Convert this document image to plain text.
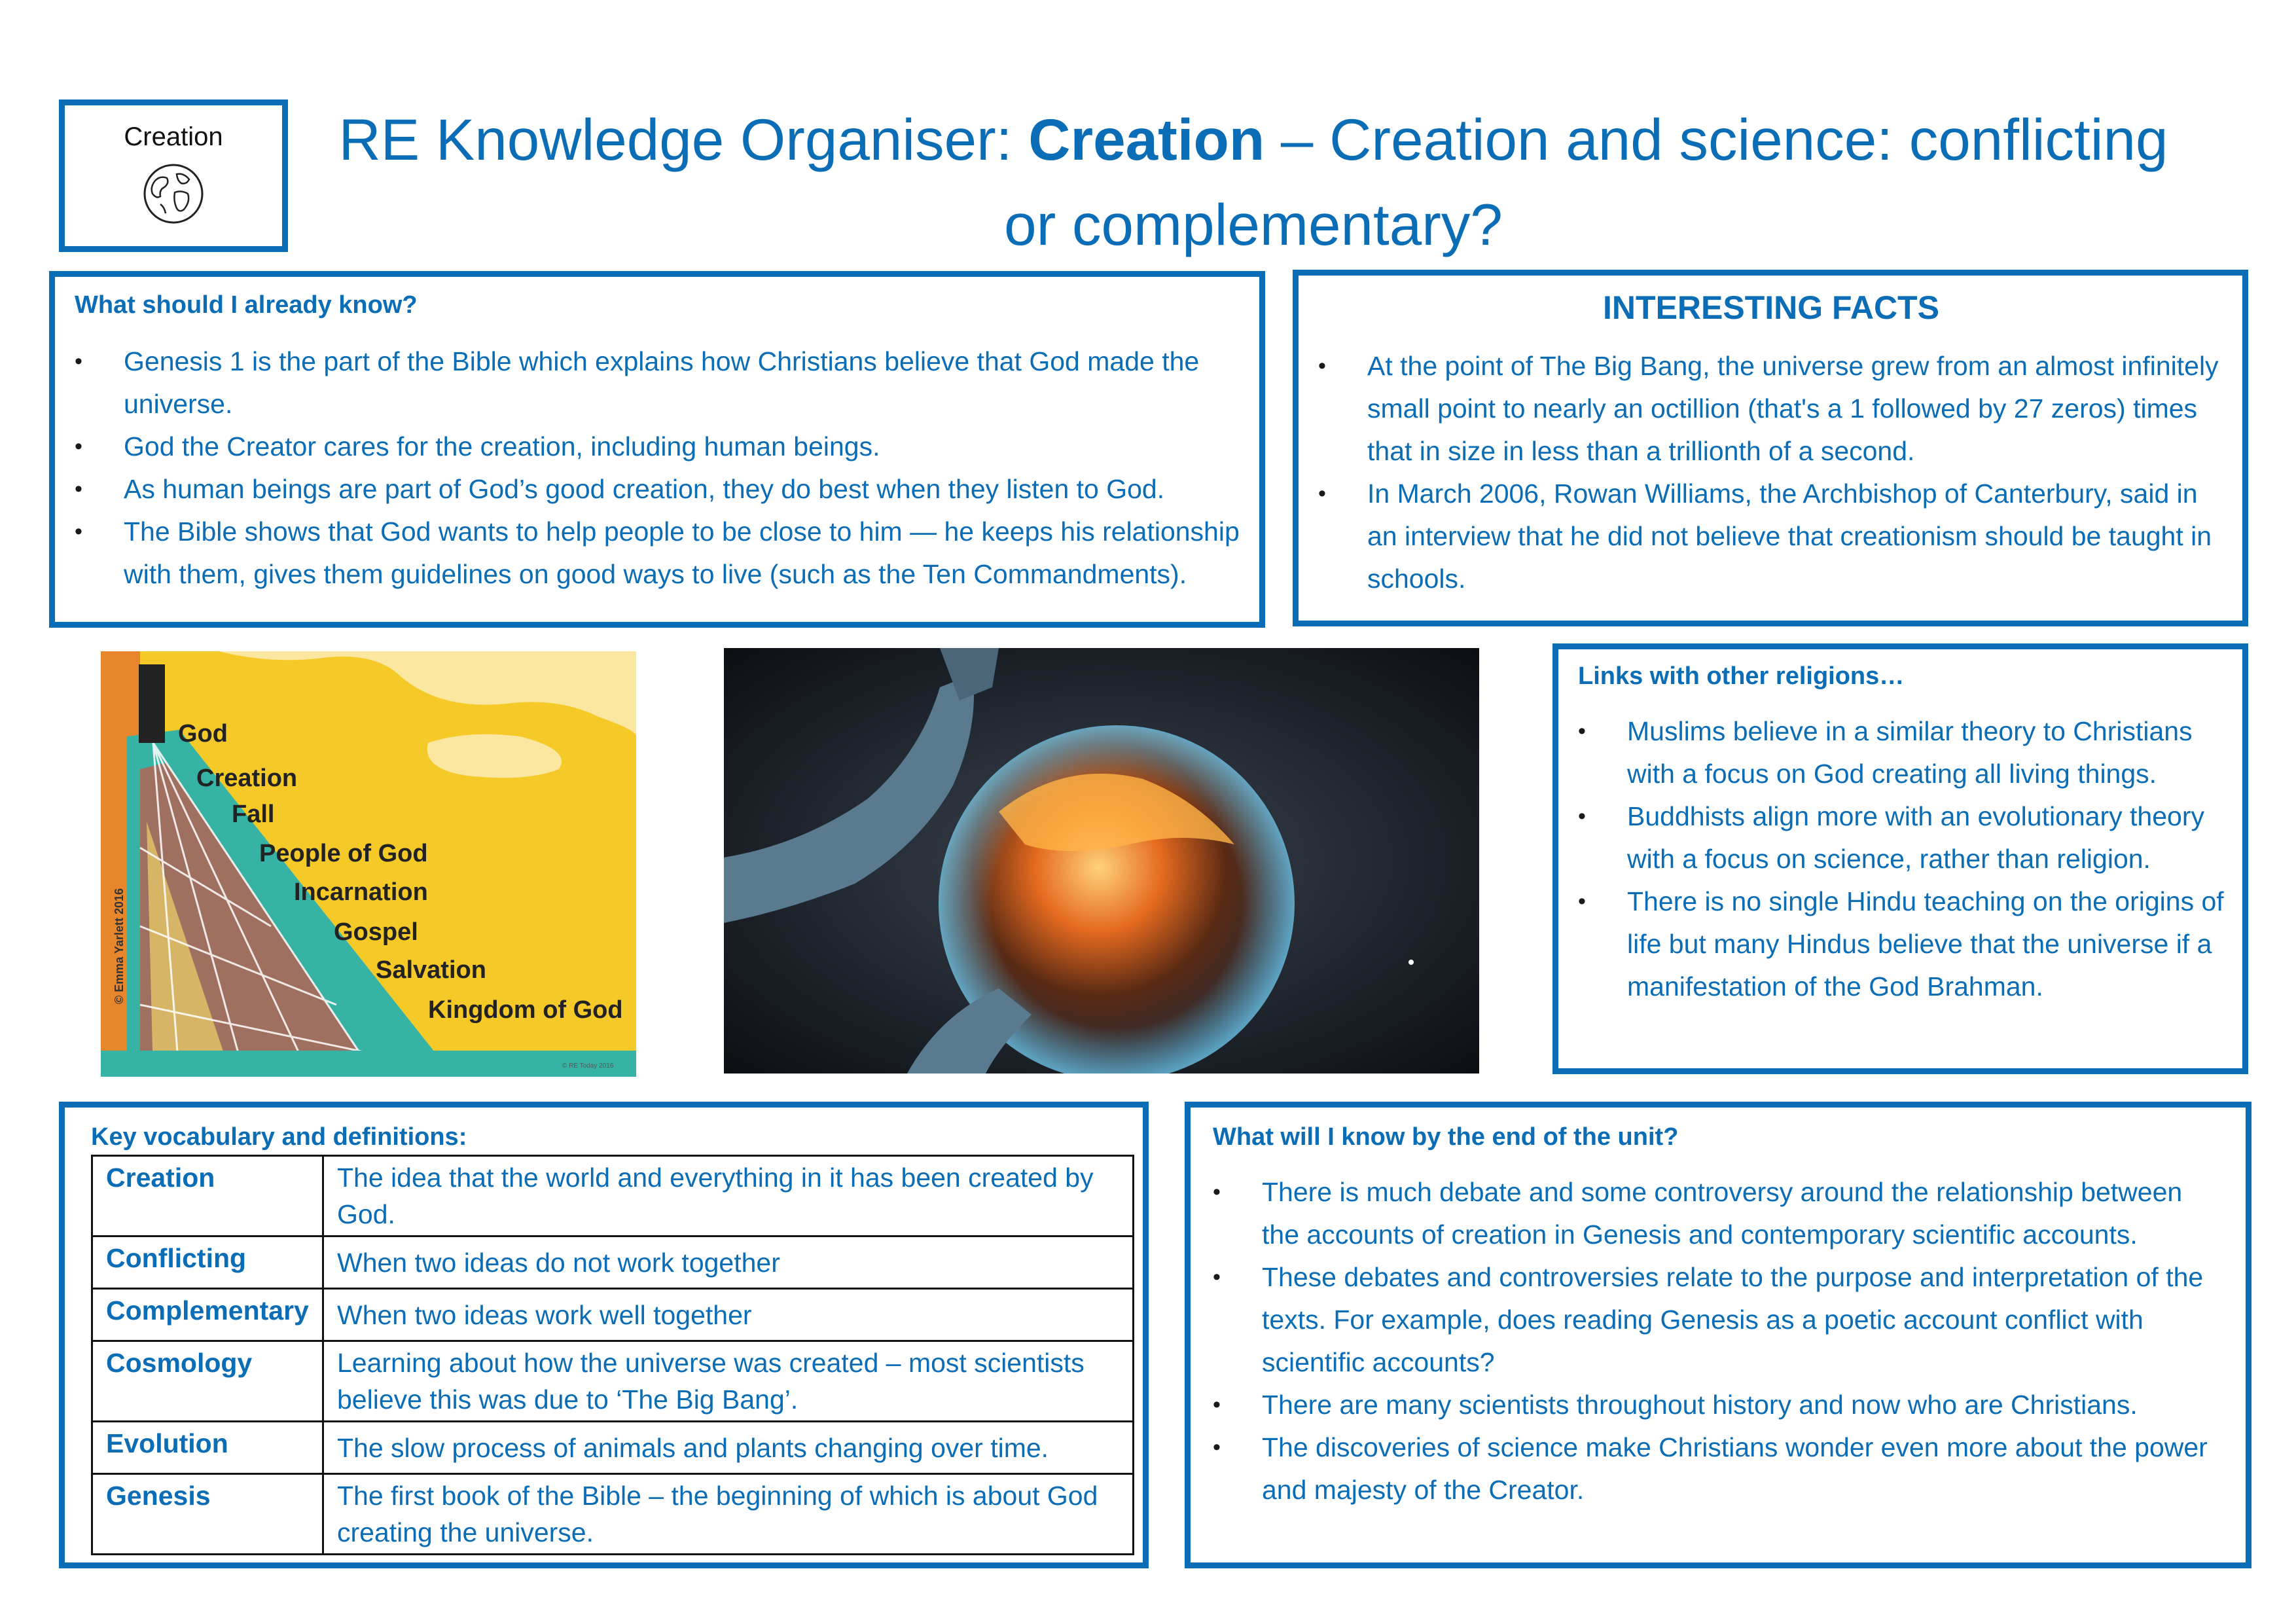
Creation	RE Knowledge Organiser: Creation – Creation and science: conflicting or complementary?

What should I already know?

• Genesis 1 is the part of the Bible which explains how Christians believe that God made the universe.
• God the Creator cares for the creation, including human beings.
• As human beings are part of God’s good creation, they do best when they listen to God.
• The Bible shows that God wants to help people to be close to him — he keeps his relationship with them, gives them guidelines on good ways to live (such as the Ten Commandments).

INTERESTING FACTS

• At the point of The Big Bang, the universe grew from an almost infinitely small point to nearly an octillion (that's a 1 followed by 27 zeros) times that in size in less than a trillionth of a second.
• In March 2006, Rowan Williams, the Archbishop of Canterbury, said in an interview that he did not believe that creationism should be taught in schools.
God
Creation
Fall
People of God
Incarnation
Gospel
Salvation
Kingdom of God
© Emma Yarlett 2016
© RE Today 2016

Links with other religions…

• Muslims believe in a similar theory to Christians with a focus on God creating all living things.
• Buddhists align more with an evolutionary theory with a focus on science, rather than religion.
• There is no single Hindu teaching on the origins of life but many Hindus believe that the universe if a manifestation of the God Brahman.

Key vocabulary and definitions:

Creation	The idea that the world and everything in it has been created by God.
Conflicting	When two ideas do not work together
Complementary	When two ideas work well together
Cosmology	Learning about how the universe was created – most scientists believe this was due to ‘The Big Bang’.
Evolution	The slow process of animals and plants changing over time.
Genesis	The first book of the Bible – the beginning of which is about God creating the universe.

What will I know by the end of the unit?

• There is much debate and some controversy around the relationship between the accounts of creation in Genesis and contemporary scientific accounts.
• These debates and controversies relate to the purpose and interpretation of the texts. For example, does reading Genesis as a poetic account conflict with scientific accounts?
• There are many scientists throughout history and now who are Christians.
• The discoveries of science make Christians wonder even more about the power and majesty of the Creator.
